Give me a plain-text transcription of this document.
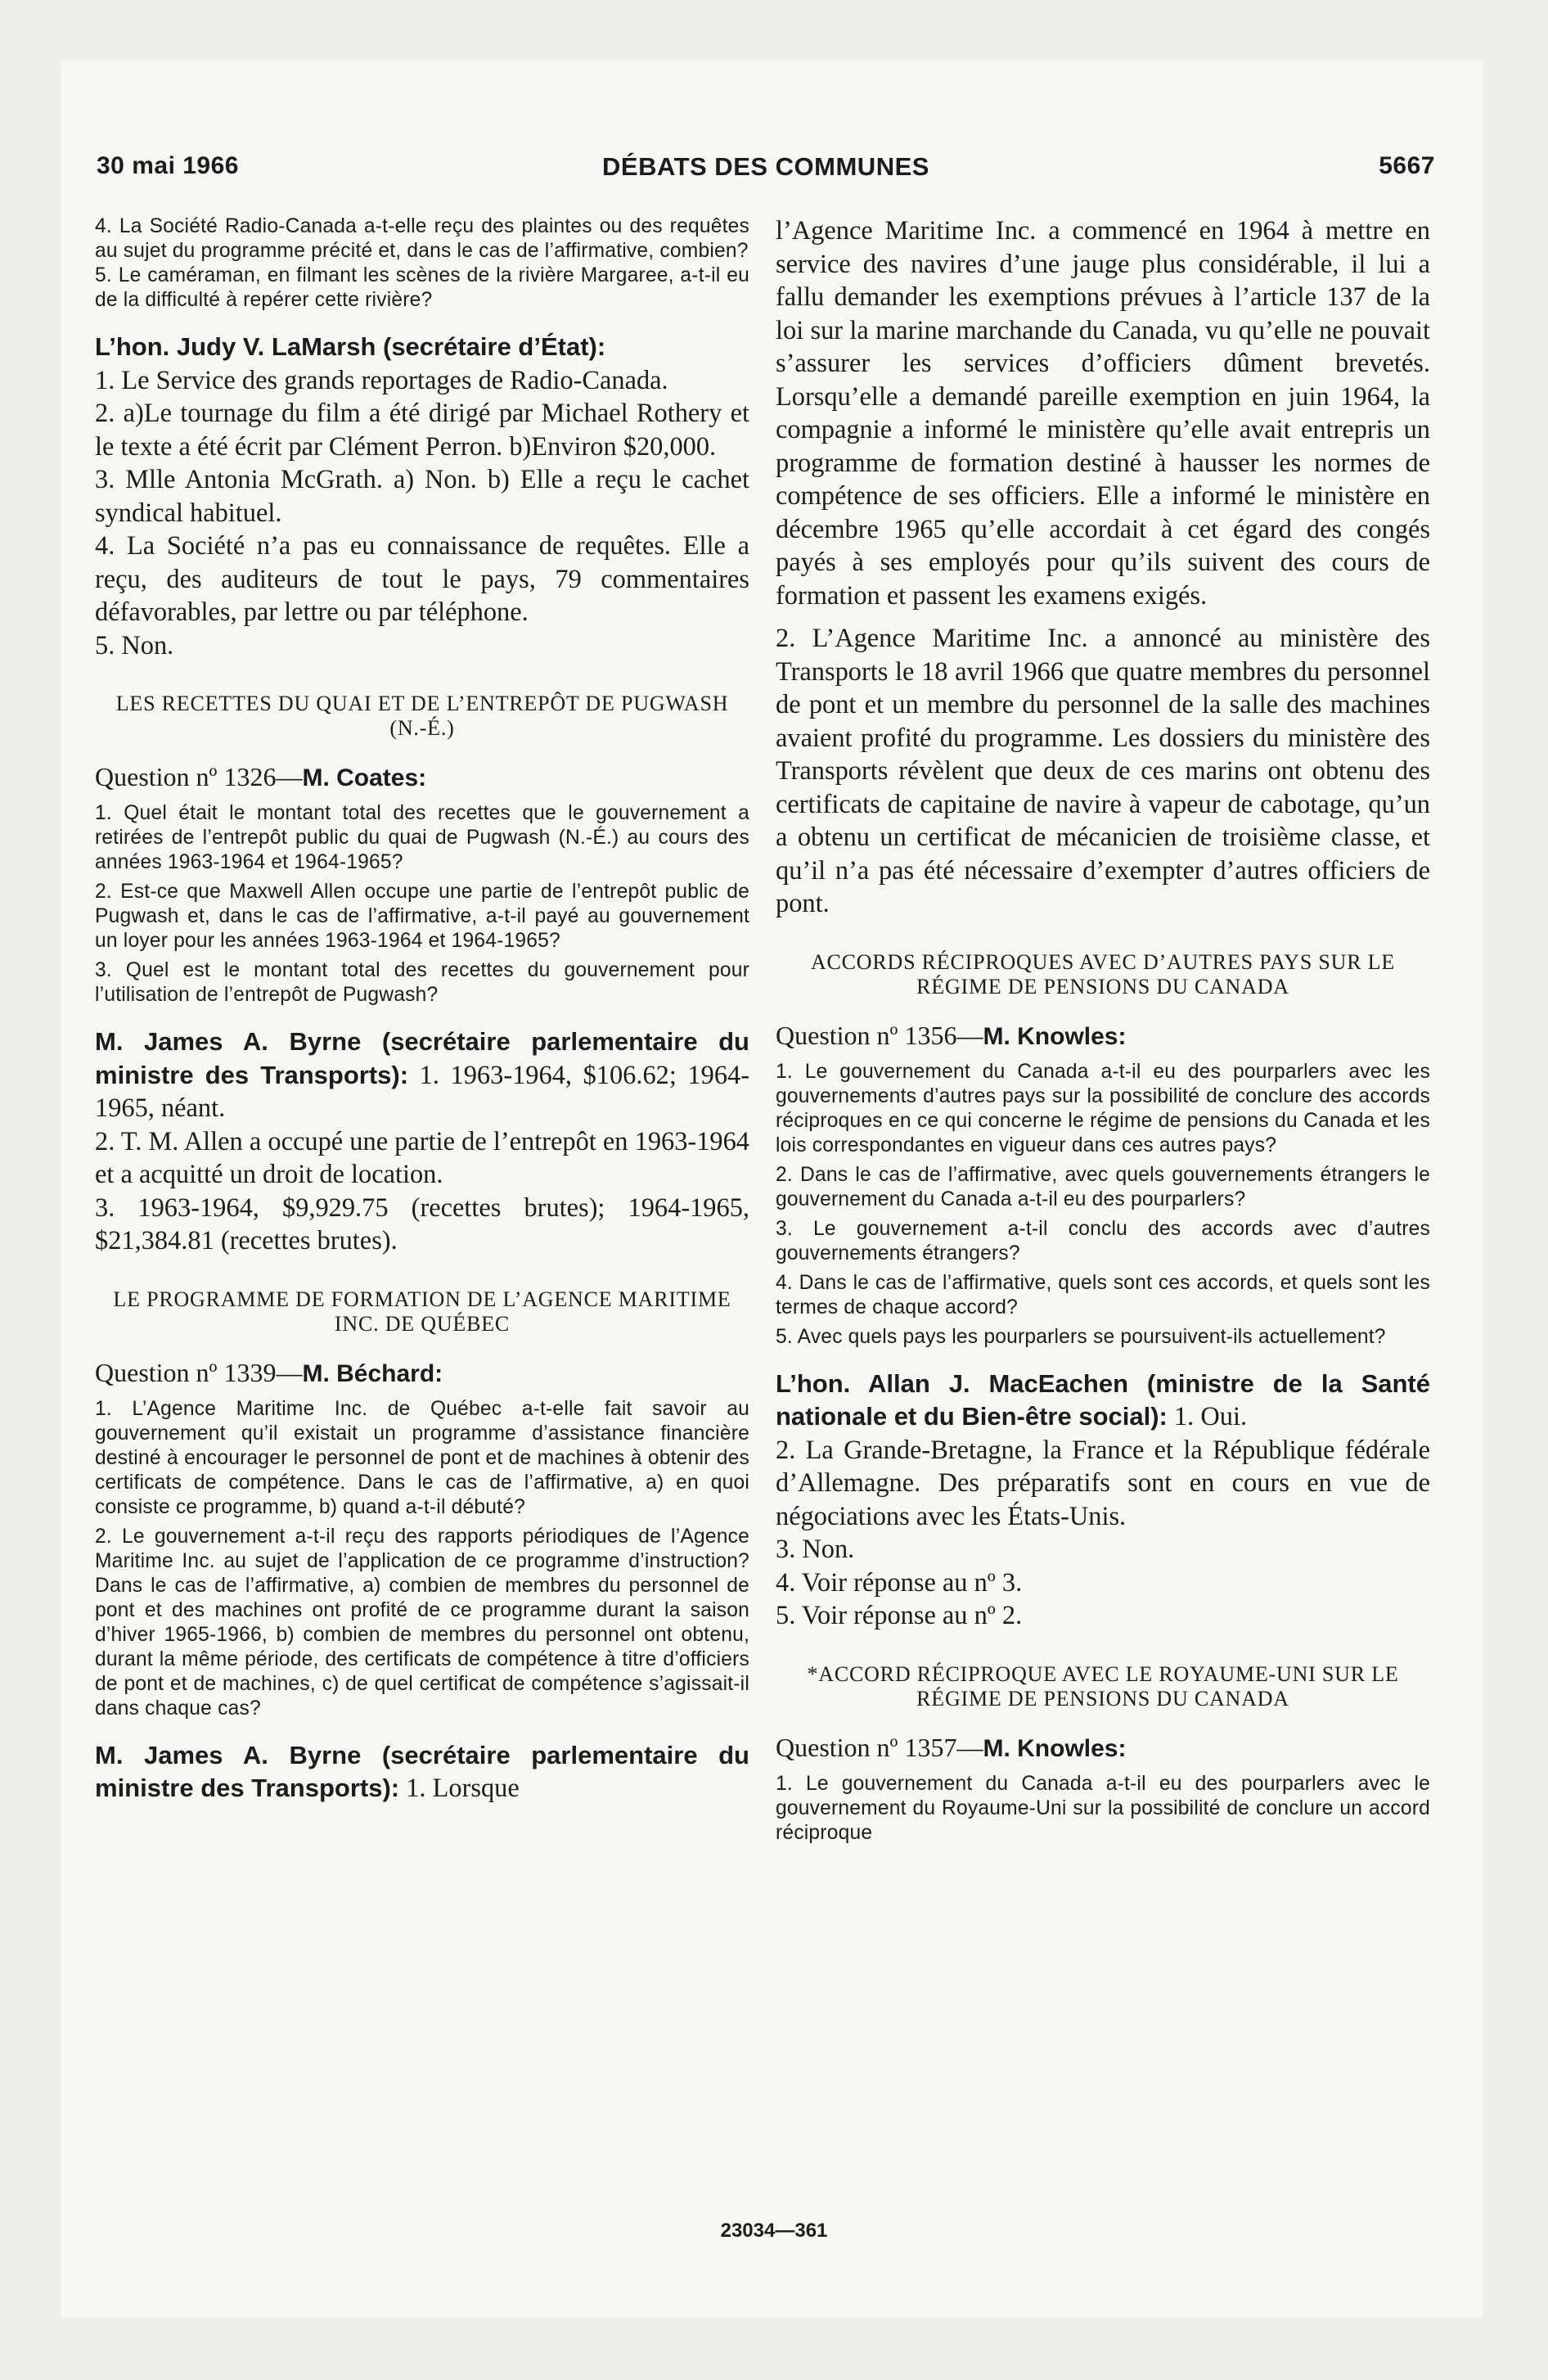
30 mai 1966	DÉBATS DES COMMUNES	5667

4. La Société Radio-Canada a-t-elle reçu des plaintes ou des requêtes au sujet du programme précité et, dans le cas de l’affirmative, combien?

5. Le caméraman, en filmant les scènes de la rivière Margaree, a-t-il eu de la difficulté à repérer cette rivière?

L’hon. Judy V. LaMarsh (secrétaire d’État):

1. Le Service des grands reportages de Radio-Canada.

2. a)Le tournage du film a été dirigé par Michael Rothery et le texte a été écrit par Clément Perron. b)Environ $20,000.

3. Mlle Antonia McGrath. a) Non. b) Elle a reçu le cachet syndical habituel.

4. La Société n’a pas eu connaissance de requêtes. Elle a reçu, des auditeurs de tout le pays, 79 commentaires défavorables, par lettre ou par téléphone.

5. Non.

LES RECETTES DU QUAI ET DE L’ENTREPÔT DE PUGWASH (N.-É.)

Question nº 1326—M. Coates:

1. Quel était le montant total des recettes que le gouvernement a retirées de l’entrepôt public du quai de Pugwash (N.-É.) au cours des années 1963-1964 et 1964-1965?

2. Est-ce que Maxwell Allen occupe une partie de l’entrepôt public de Pugwash et, dans le cas de l’affirmative, a-t-il payé au gouvernement un loyer pour les années 1963-1964 et 1964-1965?

3. Quel est le montant total des recettes du gouvernement pour l’utilisation de l’entrepôt de Pugwash?

M. James A. Byrne (secrétaire parlementaire du ministre des Transports): 1. 1963-1964, $106.62; 1964-1965, néant.

2. T. M. Allen a occupé une partie de l’entrepôt en 1963-1964 et a acquitté un droit de location.

3. 1963-1964, $9,929.75 (recettes brutes); 1964-1965, $21,384.81 (recettes brutes).

LE PROGRAMME DE FORMATION DE L’AGENCE MARITIME INC. DE QUÉBEC

Question nº 1339—M. Béchard:

1. L’Agence Maritime Inc. de Québec a-t-elle fait savoir au gouvernement qu’il existait un programme d’assistance financière destiné à encourager le personnel de pont et de machines à obtenir des certificats de compétence. Dans le cas de l’affirmative, a) en quoi consiste ce programme, b) quand a-t-il débuté?

2. Le gouvernement a-t-il reçu des rapports périodiques de l’Agence Maritime Inc. au sujet de l’application de ce programme d’instruction? Dans le cas de l’affirmative, a) combien de membres du personnel de pont et des machines ont profité de ce programme durant la saison d’hiver 1965-1966, b) combien de membres du personnel ont obtenu, durant la même période, des certificats de compétence à titre d’officiers de pont et de machines, c) de quel certificat de compétence s’agissait-il dans chaque cas?

M. James A. Byrne (secrétaire parlementaire du ministre des Transports): 1. Lorsque

l’Agence Maritime Inc. a commencé en 1964 à mettre en service des navires d’une jauge plus considérable, il lui a fallu demander les exemptions prévues à l’article 137 de la loi sur la marine marchande du Canada, vu qu’elle ne pouvait s’assurer les services d’officiers dûment brevetés. Lorsqu’elle a demandé pareille exemption en juin 1964, la compagnie a informé le ministère qu’elle avait entrepris un programme de formation destiné à hausser les normes de compétence de ses officiers. Elle a informé le ministère en décembre 1965 qu’elle accordait à cet égard des congés payés à ses employés pour qu’ils suivent des cours de formation et passent les examens exigés.

2. L’Agence Maritime Inc. a annoncé au ministère des Transports le 18 avril 1966 que quatre membres du personnel de pont et un membre du personnel de la salle des machines avaient profité du programme. Les dossiers du ministère des Transports révèlent que deux de ces marins ont obtenu des certificats de capitaine de navire à vapeur de cabotage, qu’un a obtenu un certificat de mécanicien de troisième classe, et qu’il n’a pas été nécessaire d’exempter d’autres officiers de pont.

ACCORDS RÉCIPROQUES AVEC D’AUTRES PAYS SUR LE RÉGIME DE PENSIONS DU CANADA

Question nº 1356—M. Knowles:

1. Le gouvernement du Canada a-t-il eu des pourparlers avec les gouvernements d’autres pays sur la possibilité de conclure des accords réciproques en ce qui concerne le régime de pensions du Canada et les lois correspondantes en vigueur dans ces autres pays?

2. Dans le cas de l’affirmative, avec quels gouvernements étrangers le gouvernement du Canada a-t-il eu des pourparlers?

3. Le gouvernement a-t-il conclu des accords avec d’autres gouvernements étrangers?

4. Dans le cas de l’affirmative, quels sont ces accords, et quels sont les termes de chaque accord?

5. Avec quels pays les pourparlers se poursuivent-ils actuellement?

L’hon. Allan J. MacEachen (ministre de la Santé nationale et du Bien-être social): 1. Oui.

2. La Grande-Bretagne, la France et la République fédérale d’Allemagne. Des préparatifs sont en cours en vue de négociations avec les États-Unis.

3. Non.

4. Voir réponse au nº 3.

5. Voir réponse au nº 2.

*ACCORD RÉCIPROQUE AVEC LE ROYAUME-UNI SUR LE RÉGIME DE PENSIONS DU CANADA

Question nº 1357—M. Knowles:

1. Le gouvernement du Canada a-t-il eu des pourparlers avec le gouvernement du Royaume-Uni sur la possibilité de conclure un accord réciproque

23034—361
